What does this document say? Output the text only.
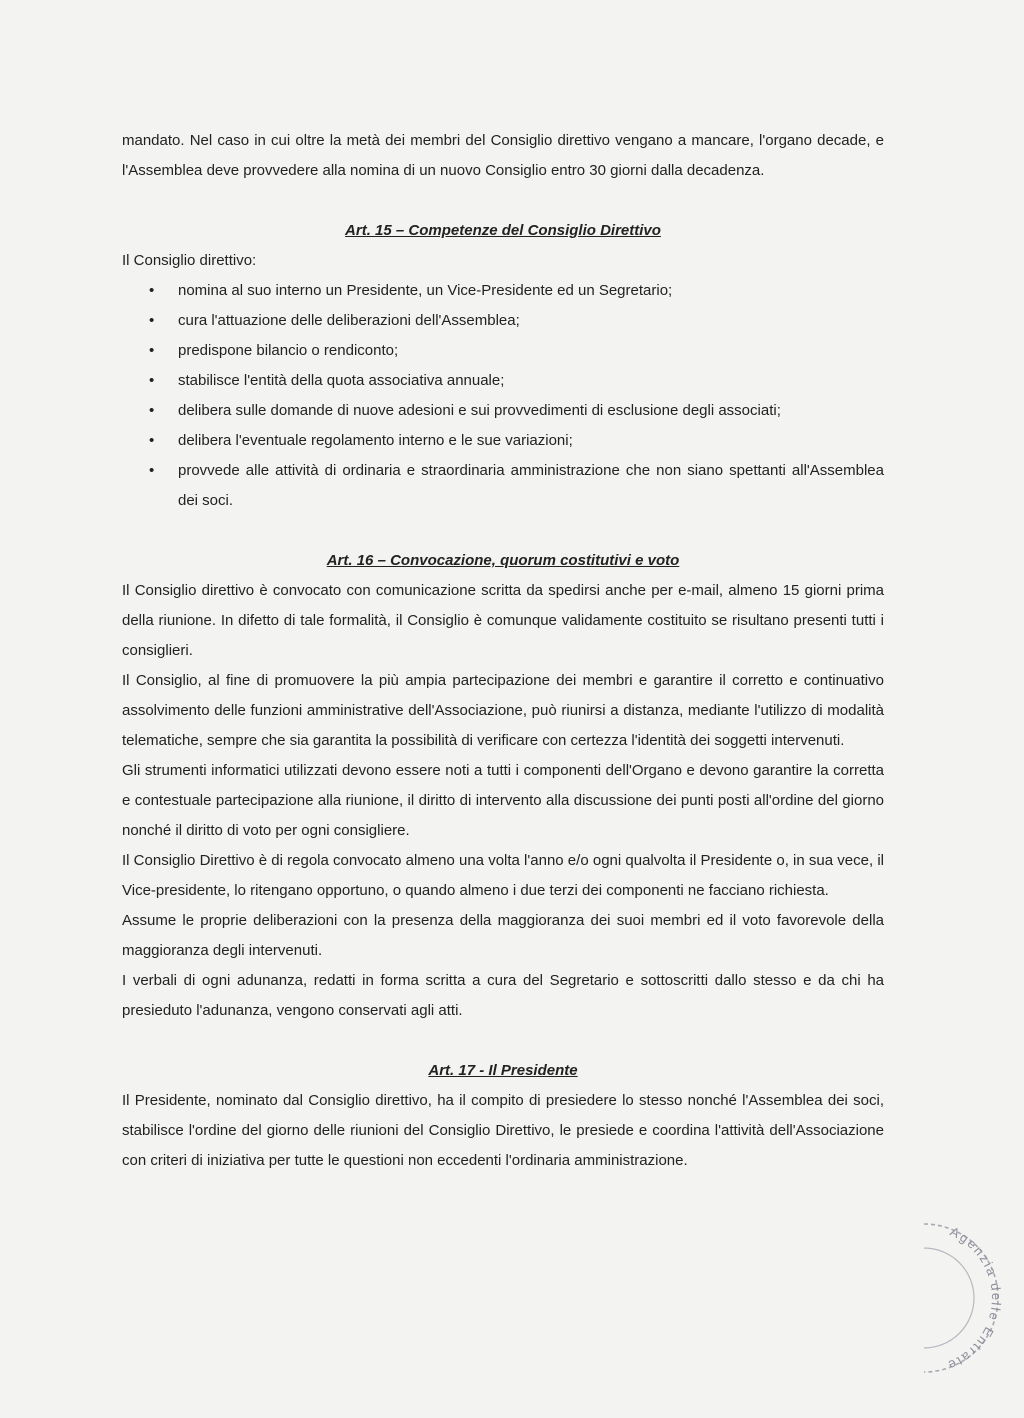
mandato. Nel caso in cui oltre la metà dei membri del Consiglio direttivo vengano a mancare, l'organo decade, e l'Assemblea deve provvedere alla nomina di un nuovo Consiglio entro 30 giorni dalla decadenza.

Art. 15 – Competenze del Consiglio Direttivo

Il Consiglio direttivo:

• nomina al suo interno un Presidente, un Vice-Presidente ed un Segretario;
• cura l'attuazione delle deliberazioni dell'Assemblea;
• predispone bilancio o rendiconto;
• stabilisce l'entità della quota associativa annuale;
• delibera sulle domande di nuove adesioni e sui provvedimenti di esclusione degli associati;
• delibera l'eventuale regolamento interno e le sue variazioni;
• provvede alle attività di ordinaria e straordinaria amministrazione che non siano spettanti all'Assemblea dei soci.
Art. 16 – Convocazione, quorum costitutivi e voto

Il Consiglio direttivo è convocato con comunicazione scritta da spedirsi anche per e-mail, almeno 15 giorni prima della riunione. In difetto di tale formalità, il Consiglio è comunque validamente costituito se risultano presenti tutti i consiglieri.

Il Consiglio, al fine di promuovere la più ampia partecipazione dei membri e garantire il corretto e continuativo assolvimento delle funzioni amministrative dell'Associazione, può riunirsi a distanza, mediante l'utilizzo di modalità telematiche, sempre che sia garantita la possibilità di verificare con certezza l'identità dei soggetti intervenuti.

Gli strumenti informatici utilizzati devono essere noti a tutti i componenti dell'Organo e devono garantire la corretta e contestuale partecipazione alla riunione, il diritto di intervento alla discussione dei punti posti all'ordine del giorno nonché il diritto di voto per ogni consigliere.

Il Consiglio Direttivo è di regola convocato almeno una volta l'anno e/o ogni qualvolta il Presidente o, in sua vece, il Vice-presidente, lo ritengano opportuno, o quando almeno i due terzi dei componenti ne facciano richiesta.

Assume le proprie deliberazioni con la presenza della maggioranza dei suoi membri ed il voto favorevole della maggioranza degli intervenuti.

I verbali di ogni adunanza, redatti in forma scritta a cura del Segretario e sottoscritti dallo stesso e da chi ha presieduto l'adunanza, vengono conservati agli atti.

Art. 17 - Il Presidente

Il Presidente, nominato dal Consiglio direttivo, ha il compito di presiedere lo stesso nonché l'Assemblea dei soci, stabilisce l'ordine del giorno delle riunioni del Consiglio Direttivo, le presiede e coordina l'attività dell'Associazione con criteri di iniziativa per tutte le questioni non eccedenti l'ordinaria amministrazione.

Agenzia delle Entrate
